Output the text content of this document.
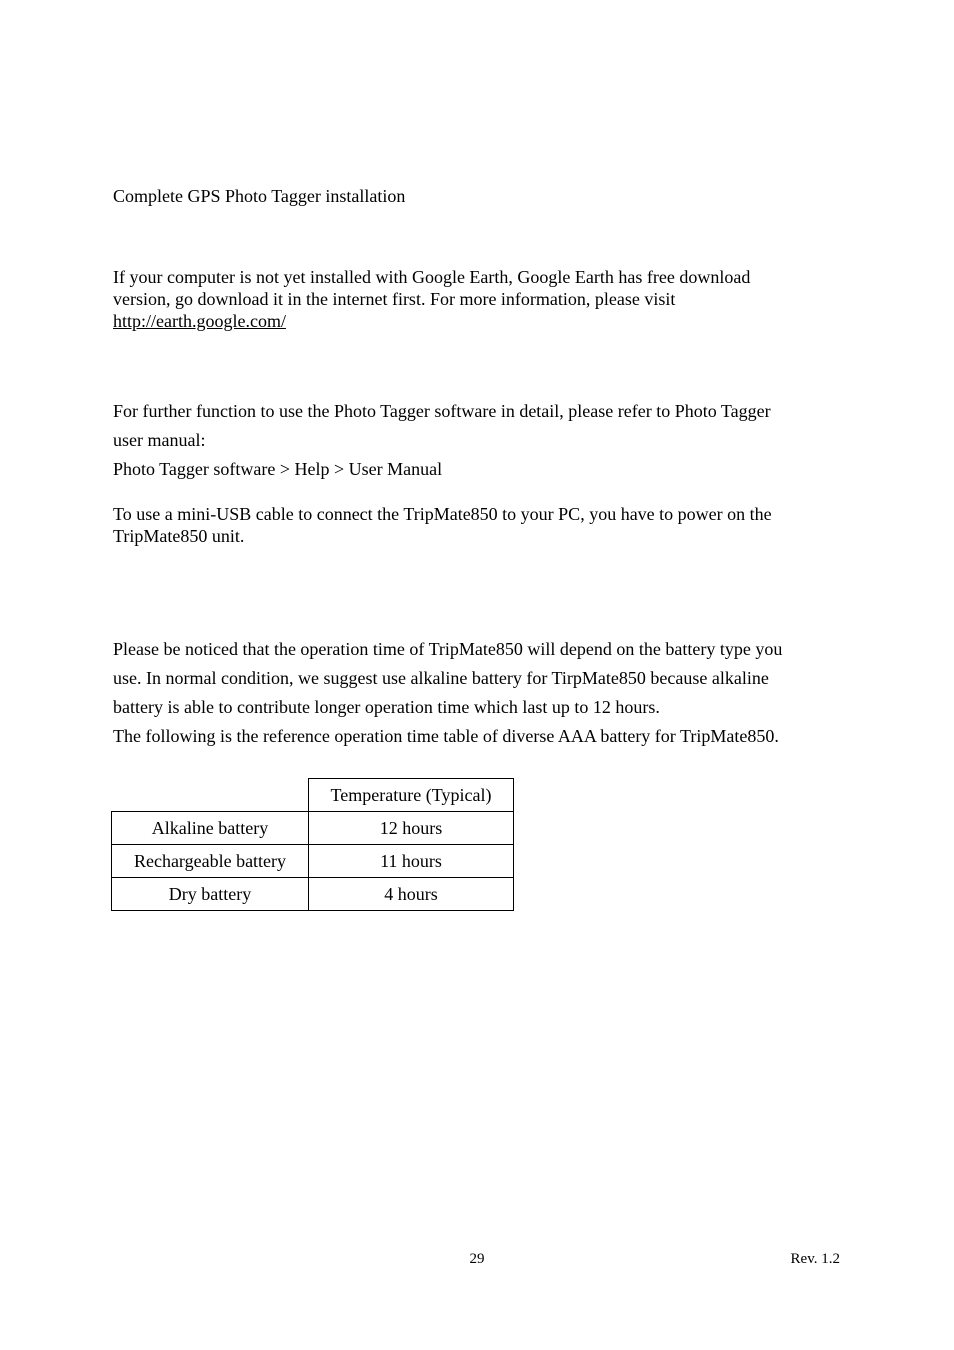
Complete GPS Photo Tagger installation
If your computer is not yet installed with Google Earth, Google Earth has free download
version, go download it in the internet first. For more information, please visit
http://earth.google.com/
For further function to use the Photo Tagger software in detail, please refer to Photo Tagger
user manual:
Photo Tagger software > Help > User Manual
To use a mini-USB cable to connect the TripMate850 to your PC, you have to power on the
TripMate850 unit.
Please be noticed that the operation time of TripMate850 will depend on the battery type you
use. In normal condition, we suggest use alkaline battery for TirpMate850 because alkaline
battery is able to contribute longer operation time which last up to 12 hours.
The following is the reference operation time table of diverse AAA battery for TripMate850.
	Temperature (Typical)
Alkaline battery	12 hours
Rechargeable battery	11 hours
Dry battery	4 hours
29	Rev. 1.2
